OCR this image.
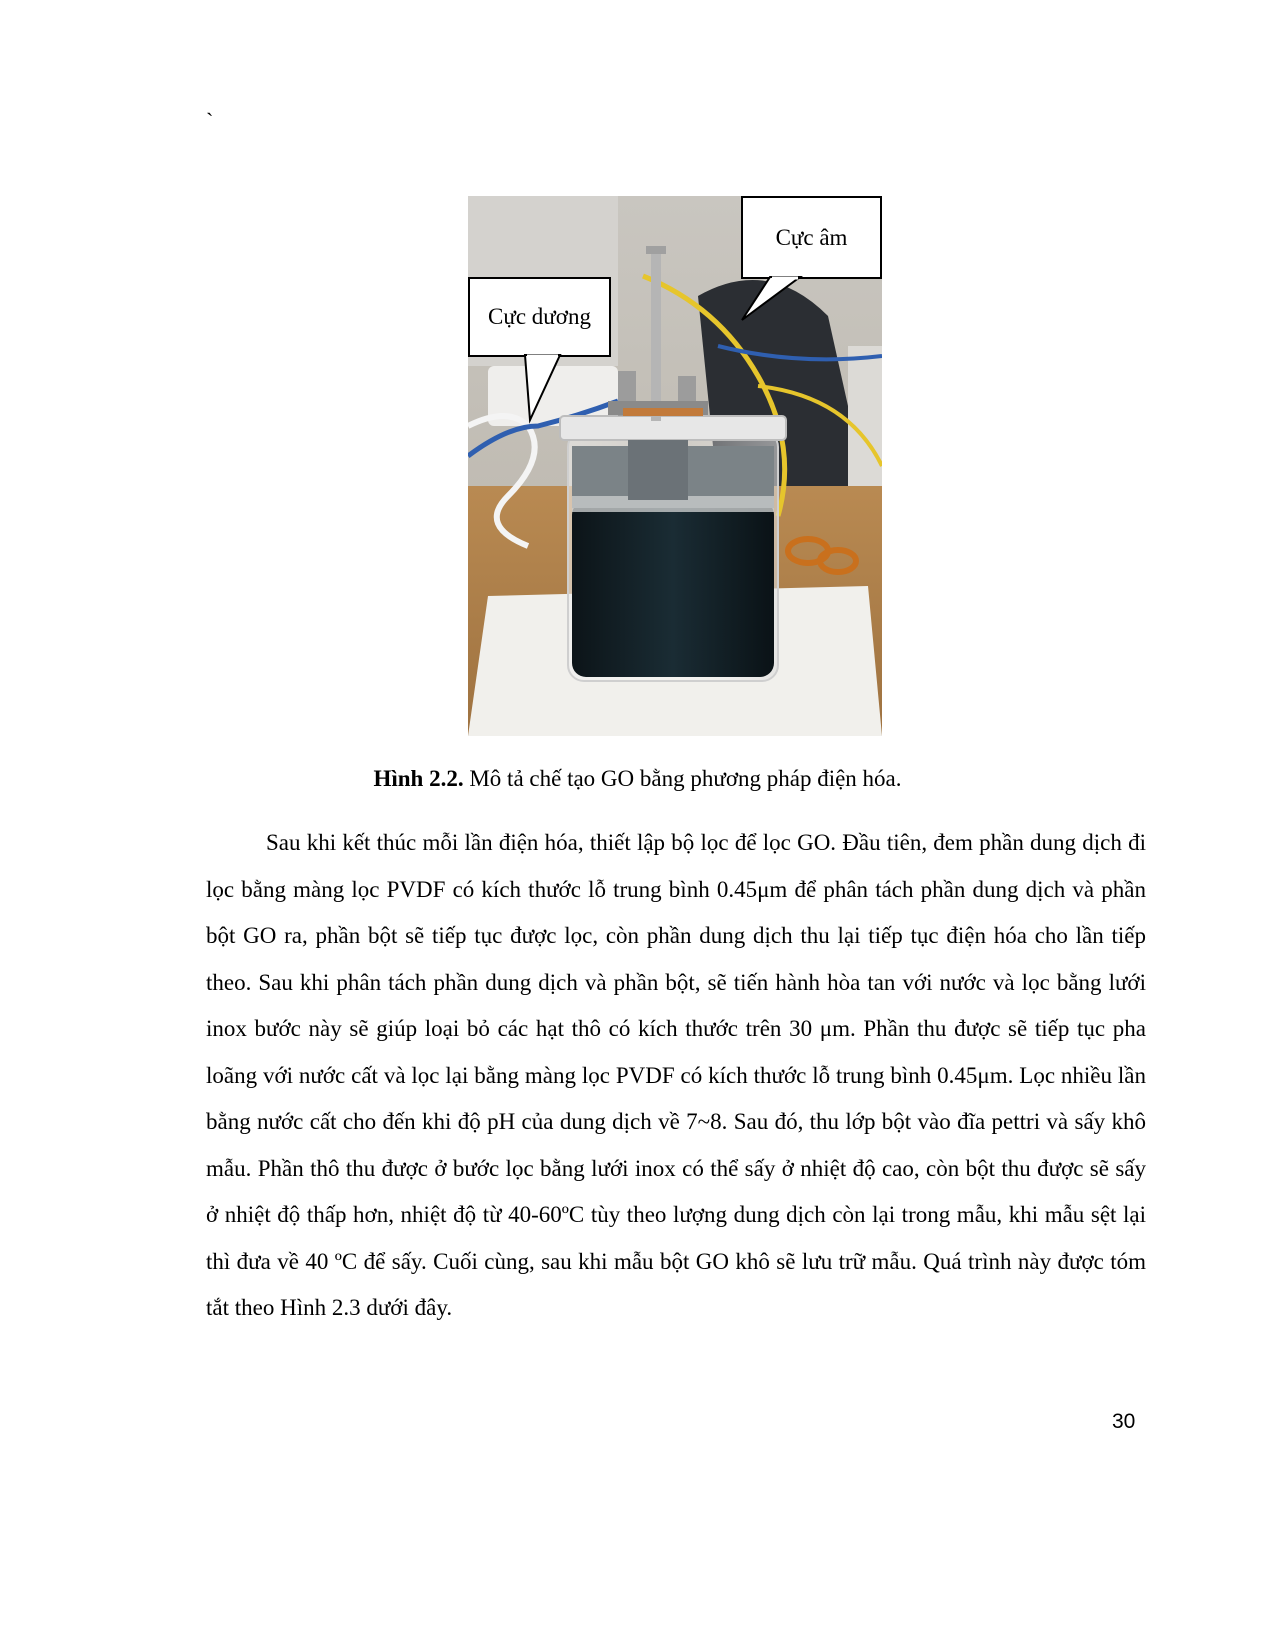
`
Cực dương
Cực âm
Hình 2.2. Mô tả chế tạo GO bằng phương pháp điện hóa.

Sau khi kết thúc mỗi lần điện hóa, thiết lập bộ lọc để lọc GO. Đầu tiên, đem phần dung dịch đi lọc bằng màng lọc PVDF có kích thước lỗ trung bình 0.45μm để phân tách phần dung dịch và phần bột GO ra, phần bột sẽ tiếp tục được lọc, còn phần dung dịch thu lại tiếp tục điện hóa cho lần tiếp theo. Sau khi phân tách phần dung dịch và phần bột, sẽ tiến hành hòa tan với nước và lọc bằng lưới inox bước này sẽ giúp loại bỏ các hạt thô có kích thước trên 30 μm. Phần thu được sẽ tiếp tục pha loãng với nước cất và lọc lại bằng màng lọc PVDF có kích thước lỗ trung bình 0.45μm. Lọc nhiều lần bằng nước cất cho đến khi độ pH của dung dịch về 7~8. Sau đó, thu lớp bột vào đĩa pettri và sấy khô mẫu. Phần thô thu được ở bước lọc bằng lưới inox có thể sấy ở nhiệt độ cao, còn bột thu được sẽ sấy ở nhiệt độ thấp hơn, nhiệt độ từ 40-60ºC tùy theo lượng dung dịch còn lại trong mẫu, khi mẫu sệt lại thì đưa về 40 ºC để sấy. Cuối cùng, sau khi mẫu bột GO khô sẽ lưu trữ mẫu. Quá trình này được tóm tắt theo Hình 2.3 dưới đây.

30
